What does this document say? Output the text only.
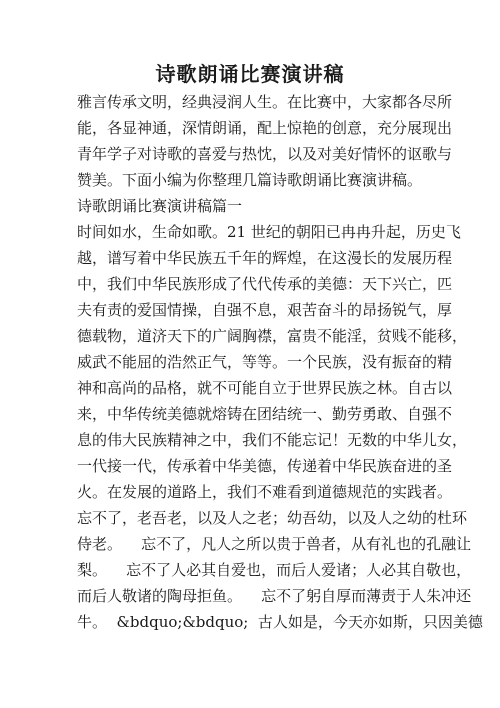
诗歌朗诵比赛演讲稿
雅言传承文明，经典浸润人生。在比赛中，大家都各尽所
能，各显神通，深情朗诵，配上惊艳的创意，充分展现出
青年学子对诗歌的喜爱与热忱，以及对美好情怀的讴歌与
赞美。下面小编为你整理几篇诗歌朗诵比赛演讲稿。
诗歌朗诵比赛演讲稿篇一
时间如水，生命如歌。21 世纪的朝阳已冉冉升起，历史飞
越，谱写着中华民族五千年的辉煌，在这漫长的发展历程
中，我们中华民族形成了代代传承的美德：天下兴亡，匹
夫有责的爱国情操，自强不息，艰苦奋斗的昂扬锐气，厚
德载物，道济天下的广阔胸襟，富贵不能淫，贫贱不能移，
威武不能屈的浩然正气，等等。一个民族，没有振奋的精
神和高尚的品格，就不可能自立于世界民族之林。自古以
来，中华传统美德就熔铸在团结统一、勤劳勇敢、自强不
息的伟大民族精神之中，我们不能忘记！无数的中华儿女，
一代接一代，传承着中华美德，传递着中华民族奋进的圣
火。在发展的道路上，我们不难看到道德规范的实践者。
忘不了，老吾老，以及人之老；幼吾幼，以及人之幼的杜环
侍老。    忘不了，凡人之所以贵于兽者，从有礼也的孔融让
梨。    忘不了人必其自爱也，而后人爱诸；人必其自敬也，
而后人敬诸的陶母拒鱼。    忘不了躬自厚而薄责于人朱冲还
牛。  &bdquo;&bdquo;  古人如是，今天亦如斯，只因美德
